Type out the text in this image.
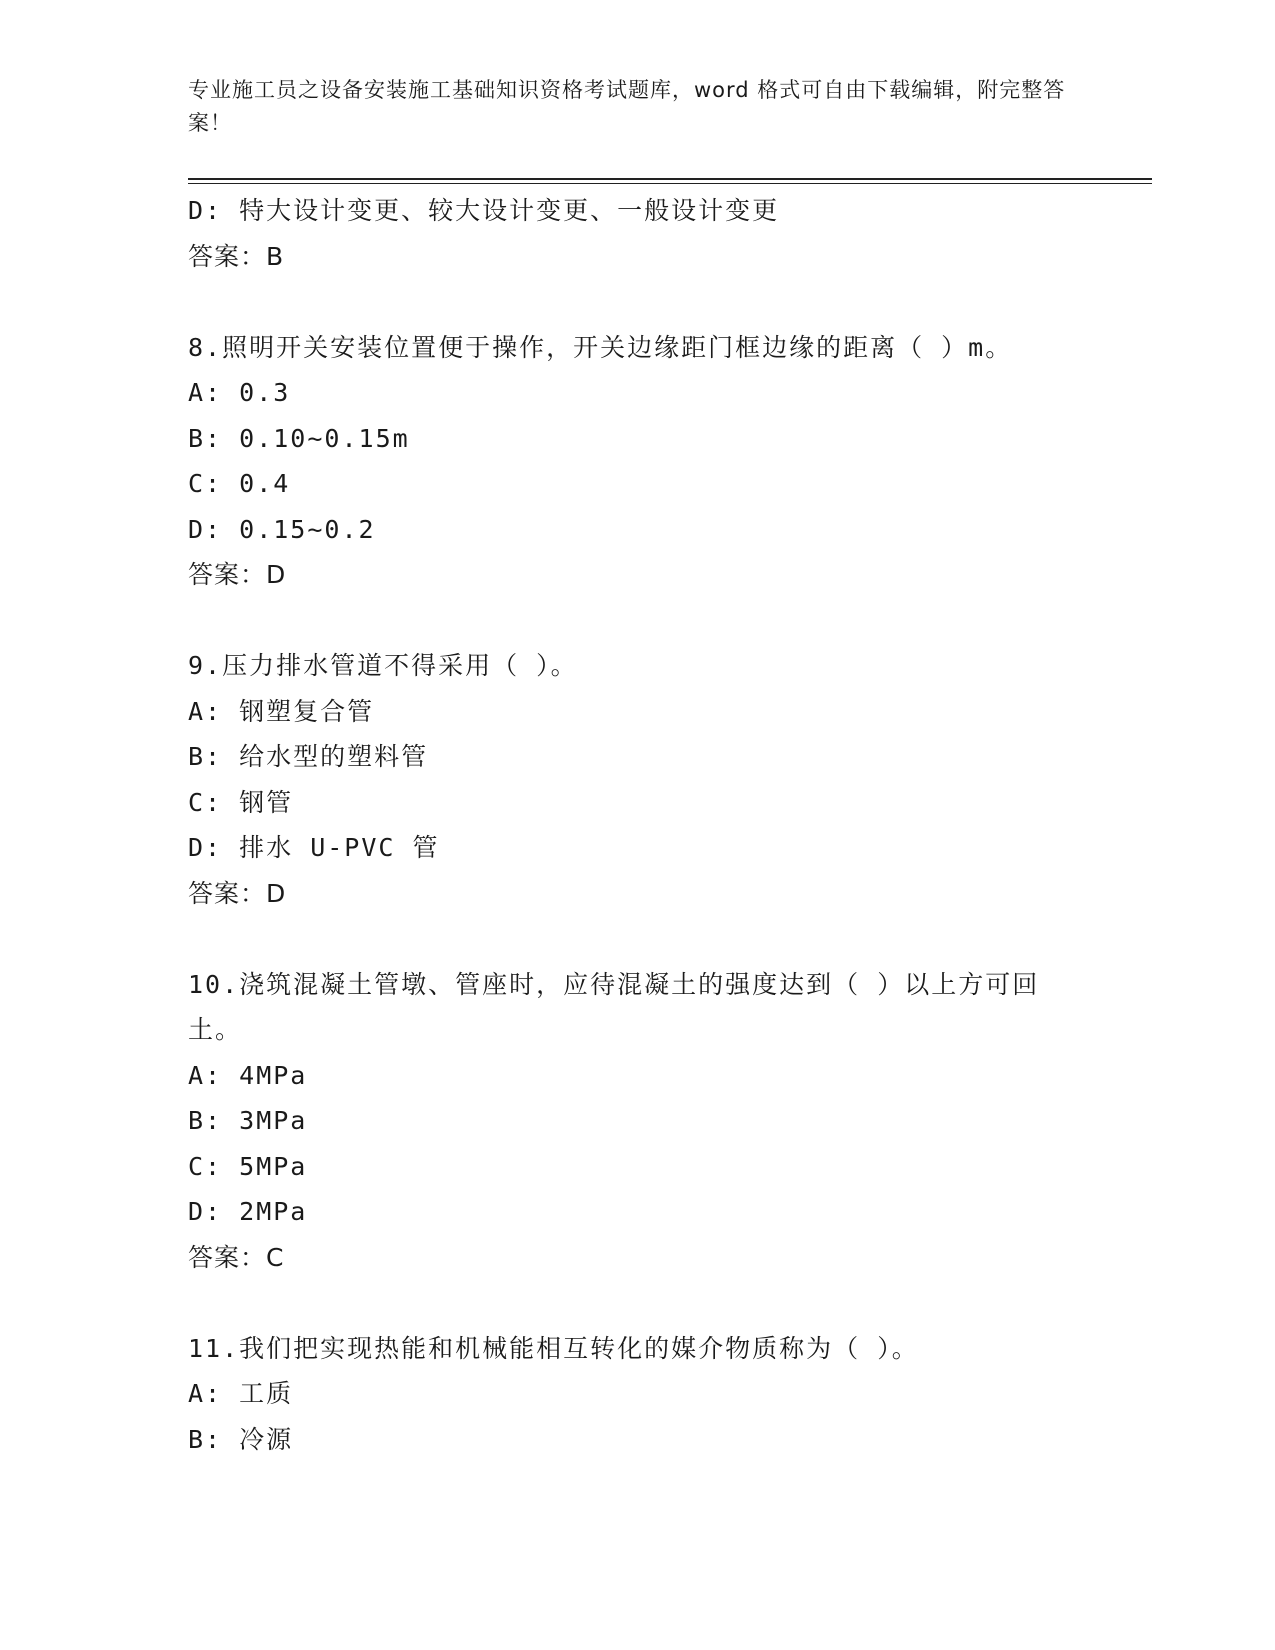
专业施工员之设备安装施工基础知识资格考试题库，word 格式可自由下载编辑，附完整答案！
D: 特大设计变更、较大设计变更、一般设计变更
答案：B
8.照明开关安装位置便于操作，开关边缘距门框边缘的距离（ ）m。
A: 0.3
B: 0.10~0.15m
C: 0.4
D: 0.15~0.2
答案：D
9.压力排水管道不得采用（ ）。
A: 钢塑复合管
B: 给水型的塑料管
C: 钢管
D: 排水 U-PVC 管
答案：D
10.浇筑混凝土管墩、管座时，应待混凝土的强度达到（ ）以上方可回土。
A: 4MPa
B: 3MPa
C: 5MPa
D: 2MPa
答案：C
11.我们把实现热能和机械能相互转化的媒介物质称为（ ）。
A: 工质
B: 冷源
